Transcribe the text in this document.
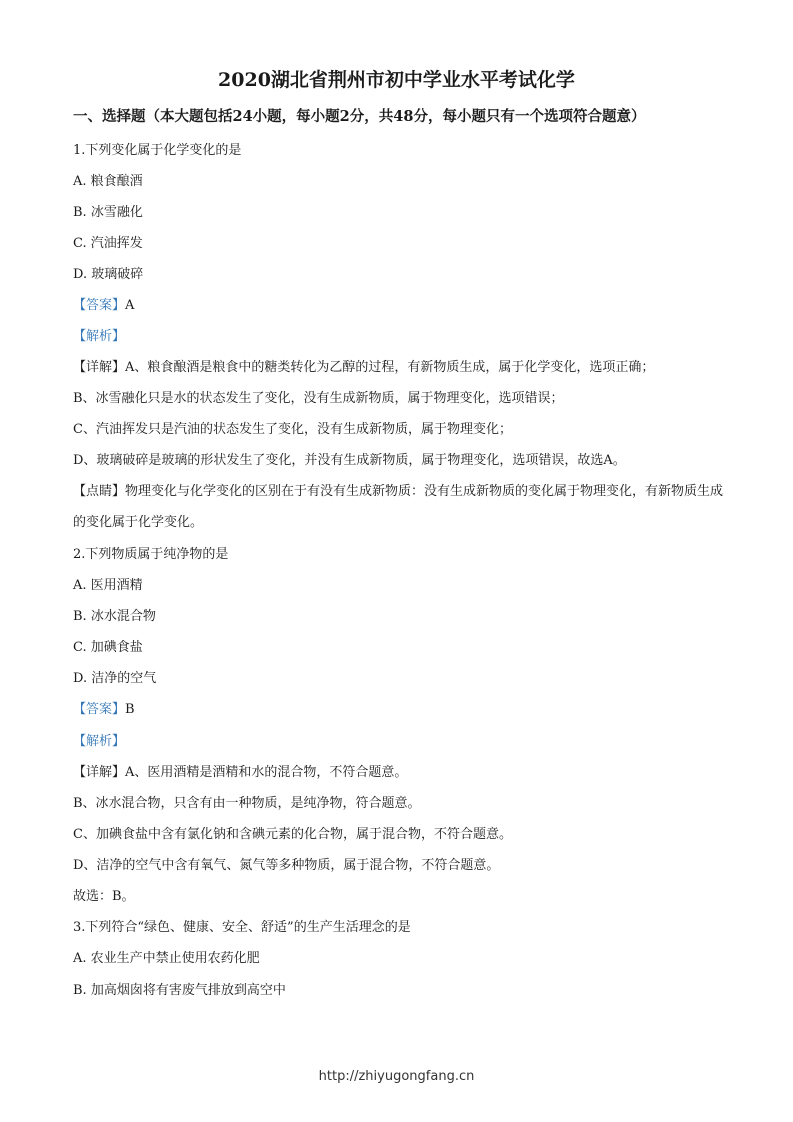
2020湖北省荆州市初中学业水平考试化学
一、选择题（本大题包括24小题，每小题2分，共48分，每小题只有一个选项符合题意）
1.下列变化属于化学变化的是
A. 粮食酿酒
B. 冰雪融化
C. 汽油挥发
D. 玻璃破碎
【答案】A
【解析】
【详解】A、粮食酿酒是粮食中的糖类转化为乙醇的过程，有新物质生成，属于化学变化，选项正确；
B、冰雪融化只是水的状态发生了变化，没有生成新物质，属于物理变化，选项错误；
C、汽油挥发只是汽油的状态发生了变化，没有生成新物质，属于物理变化；
D、玻璃破碎是玻璃的形状发生了变化，并没有生成新物质，属于物理变化，选项错误，故选A。
【点睛】物理变化与化学变化的区别在于有没有生成新物质：没有生成新物质的变化属于物理变化，有新物质生成的变化属于化学变化。
2.下列物质属于纯净物的是
A. 医用酒精
B. 冰水混合物
C. 加碘食盐
D. 洁净的空气
【答案】B
【解析】
【详解】A、医用酒精是酒精和水的混合物，不符合题意。
B、冰水混合物，只含有由一种物质，是纯净物，符合题意。
C、加碘食盐中含有氯化钠和含碘元素的化合物，属于混合物，不符合题意。
D、洁净的空气中含有氧气、氮气等多种物质，属于混合物，不符合题意。
故选：B。
3.下列符合“绿色、健康、安全、舒适”的生产生活理念的是
A. 农业生产中禁止使用农药化肥
B. 加高烟囱将有害废气排放到高空中
http://zhiyugongfang.cn
